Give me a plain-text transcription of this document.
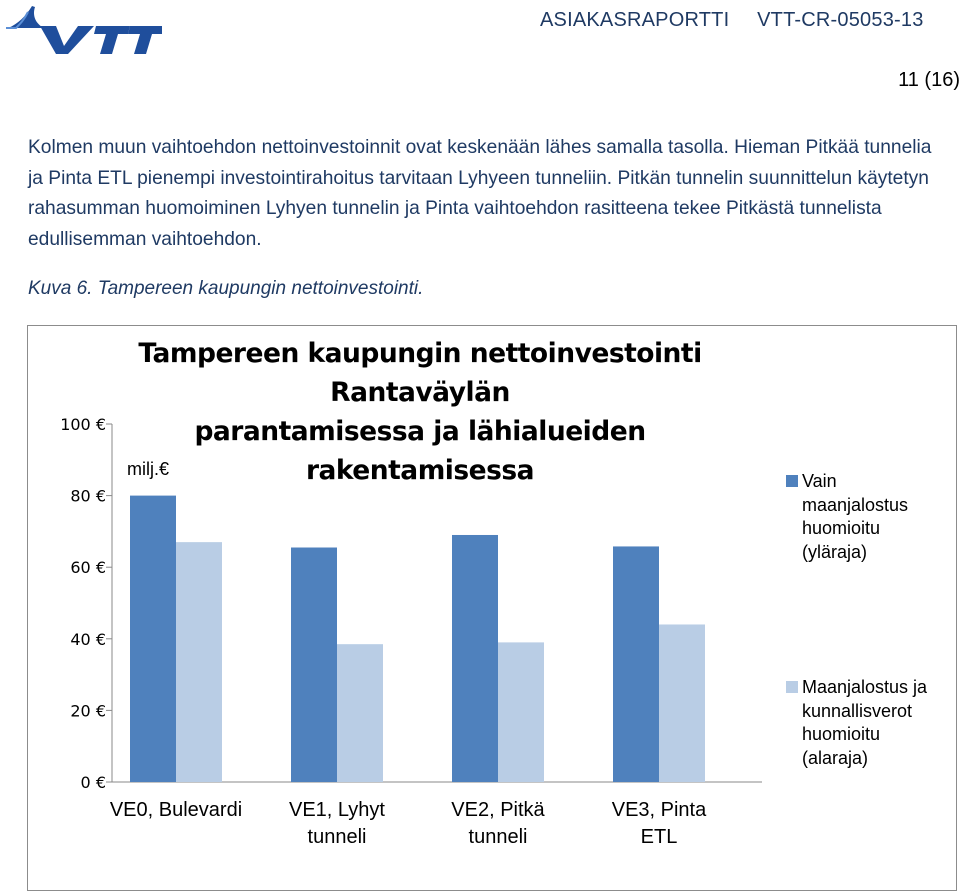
ASIAKASRAPORTTI VTT-CR-05053-13
11 (16)
Kolmen muun vaihtoehdon nettoinvestoinnit ovat keskenään lähes samalla tasolla. Hieman Pitkää tunnelia ja Pinta ETL pienempi investointirahoitus tarvitaan Lyhyeen tunneliin. Pitkän tunnelin suunnittelun käytetyn rahasumman huomoiminen Lyhyen tunnelin ja Pinta vaihtoehdon rasitteena tekee Pitkästä tunnelista edullisemman vaihtoehdon.
Kuva 6. Tampereen kaupungin nettoinvestointi.
Tampereen kaupungin nettoinvestointi Rantaväylän
parantamisessa ja lähialueiden rakentamisessa
0 €
20 €
40 €
60 €
80 €
100 €
milj.€
VE0, Bulevardi VE1, Lyhyt
tunneli
VE2, Pitkä
tunneli
VE3, Pinta
ETL
Vain
maanjalostus
huomioitu
(yläraja)
Maanjalostus ja
kunnallisverot
huomioitu
(alaraja)
